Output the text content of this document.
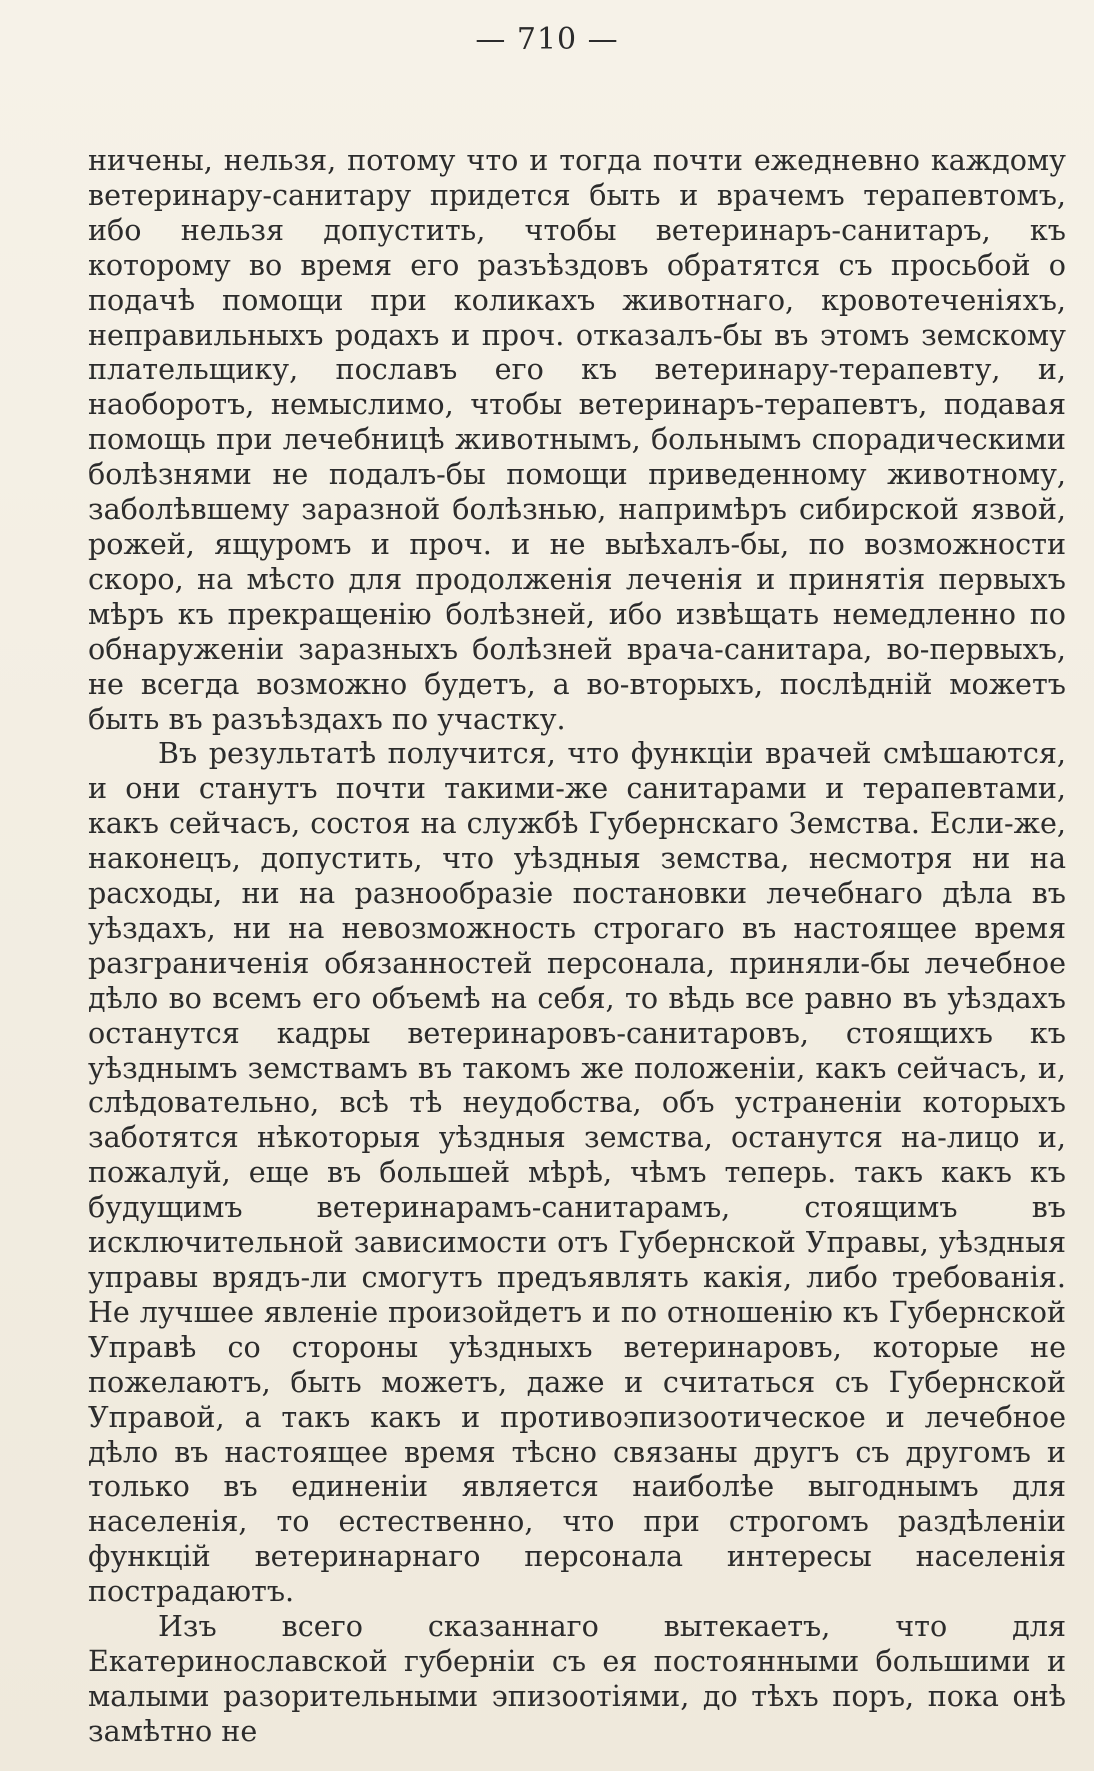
— 710 —

ничены, нельзя, потому что и тогда почти ежедневно каждому ветеринару-санитару придется быть и врачемъ терапевтомъ, ибо нельзя допустить, чтобы ветеринаръ-санитаръ, къ которому во время его разъѣздовъ обратятся съ просьбой о подачѣ помощи при коликахъ животнаго, кровотеченіяхъ, неправильныхъ родахъ и проч. отказалъ-бы въ этомъ земскому плательщику, пославъ его къ ветеринару-терапевту, и, наоборотъ, немыслимо, чтобы ветеринаръ-терапевтъ, подавая помощь при лечебницѣ животнымъ, больнымъ спорадическими болѣзнями не подалъ-бы помощи приведенному животному, заболѣвшему заразной болѣзнью, напримѣръ сибирской язвой, рожей, ящуромъ и проч. и не выѣхалъ-бы, по возможности скоро, на мѣсто для продолженія леченія и принятія первыхъ мѣръ къ прекращенію болѣзней, ибо извѣщать немедленно по обнаруженіи заразныхъ болѣзней врача-санитара, во-первыхъ, не всегда возможно будетъ, а во-вторыхъ, послѣдній можетъ быть въ разъѣздахъ по участку.

Въ результатѣ получится, что функціи врачей смѣшаются, и они станутъ почти такими-же санитарами и терапевтами, какъ сейчасъ, состоя на службѣ Губернскаго Земства. Если-же, наконецъ, допустить, что уѣздныя земства, несмотря ни на расходы, ни на разнообразіе постановки лечебнаго дѣла въ уѣздахъ, ни на невозможность строгаго въ настоящее время разграниченія обязанностей персонала, приняли-бы лечебное дѣло во всемъ его объемѣ на себя, то вѣдь все равно въ уѣздахъ останутся кадры ветеринаровъ-санитаровъ, стоящихъ къ уѣзднымъ земствамъ въ такомъ же положеніи, какъ сейчасъ, и, слѣдовательно, всѣ тѣ неудобства, объ устраненіи которыхъ заботятся нѣкоторыя уѣздныя земства, останутся на-лицо и, пожалуй, еще въ большей мѣрѣ, чѣмъ теперь. такъ какъ къ будущимъ ветеринарамъ-санитарамъ, стоящимъ въ исключительной зависимости отъ Губернской Управы, уѣздныя управы врядъ-ли смогутъ предъявлять какія, либо требованія. Не лучшее явленіе произойдетъ и по отношенію къ Губернской Управѣ со стороны уѣздныхъ ветеринаровъ, которые не пожелаютъ, быть можетъ, даже и считаться съ Губернской Управой, а такъ какъ и противоэпизоотическое и лечебное дѣло въ настоящее время тѣсно связаны другъ съ другомъ и только въ единеніи является наиболѣе выгоднымъ для населенія, то естественно, что при строгомъ раздѣленіи функцій ветеринарнаго персонала интересы населенія пострадаютъ.

Изъ всего сказаннаго вытекаетъ, что для Екатеринославской губерніи съ ея постоянными большими и малыми разорительными эпизоотіями, до тѣхъ поръ, пока онѣ замѣтно не
